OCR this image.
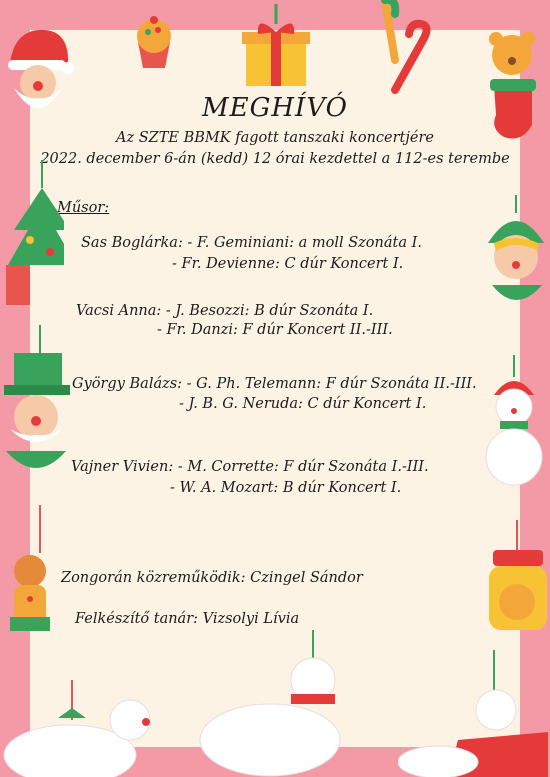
MEGHÍVÓ
Az SZTE BBMK fagott tanszaki koncertjére
2022. december 6-án (kedd) 12 órai kezdettel a 112-es terembe
Műsor:
Sas Boglárka: - F. Geminiani: a moll Szonáta I.
- Fr. Devienne: C dúr Koncert I.
Vacsi Anna: - J. Besozzi: B dúr Szonáta I.
- Fr. Danzi: F dúr Koncert II.-III.
György Balázs: - G. Ph. Telemann: F dúr Szonáta II.-III.
- J. B. G. Neruda: C dúr Koncert I.
Vajner Vivien: - M. Corrette: F dúr Szonáta I.-III.
- W. A. Mozart: B dúr Koncert I.
Zongorán közreműködik: Czingel Sándor
Felkészítő tanár: Vizsolyi Lívia
